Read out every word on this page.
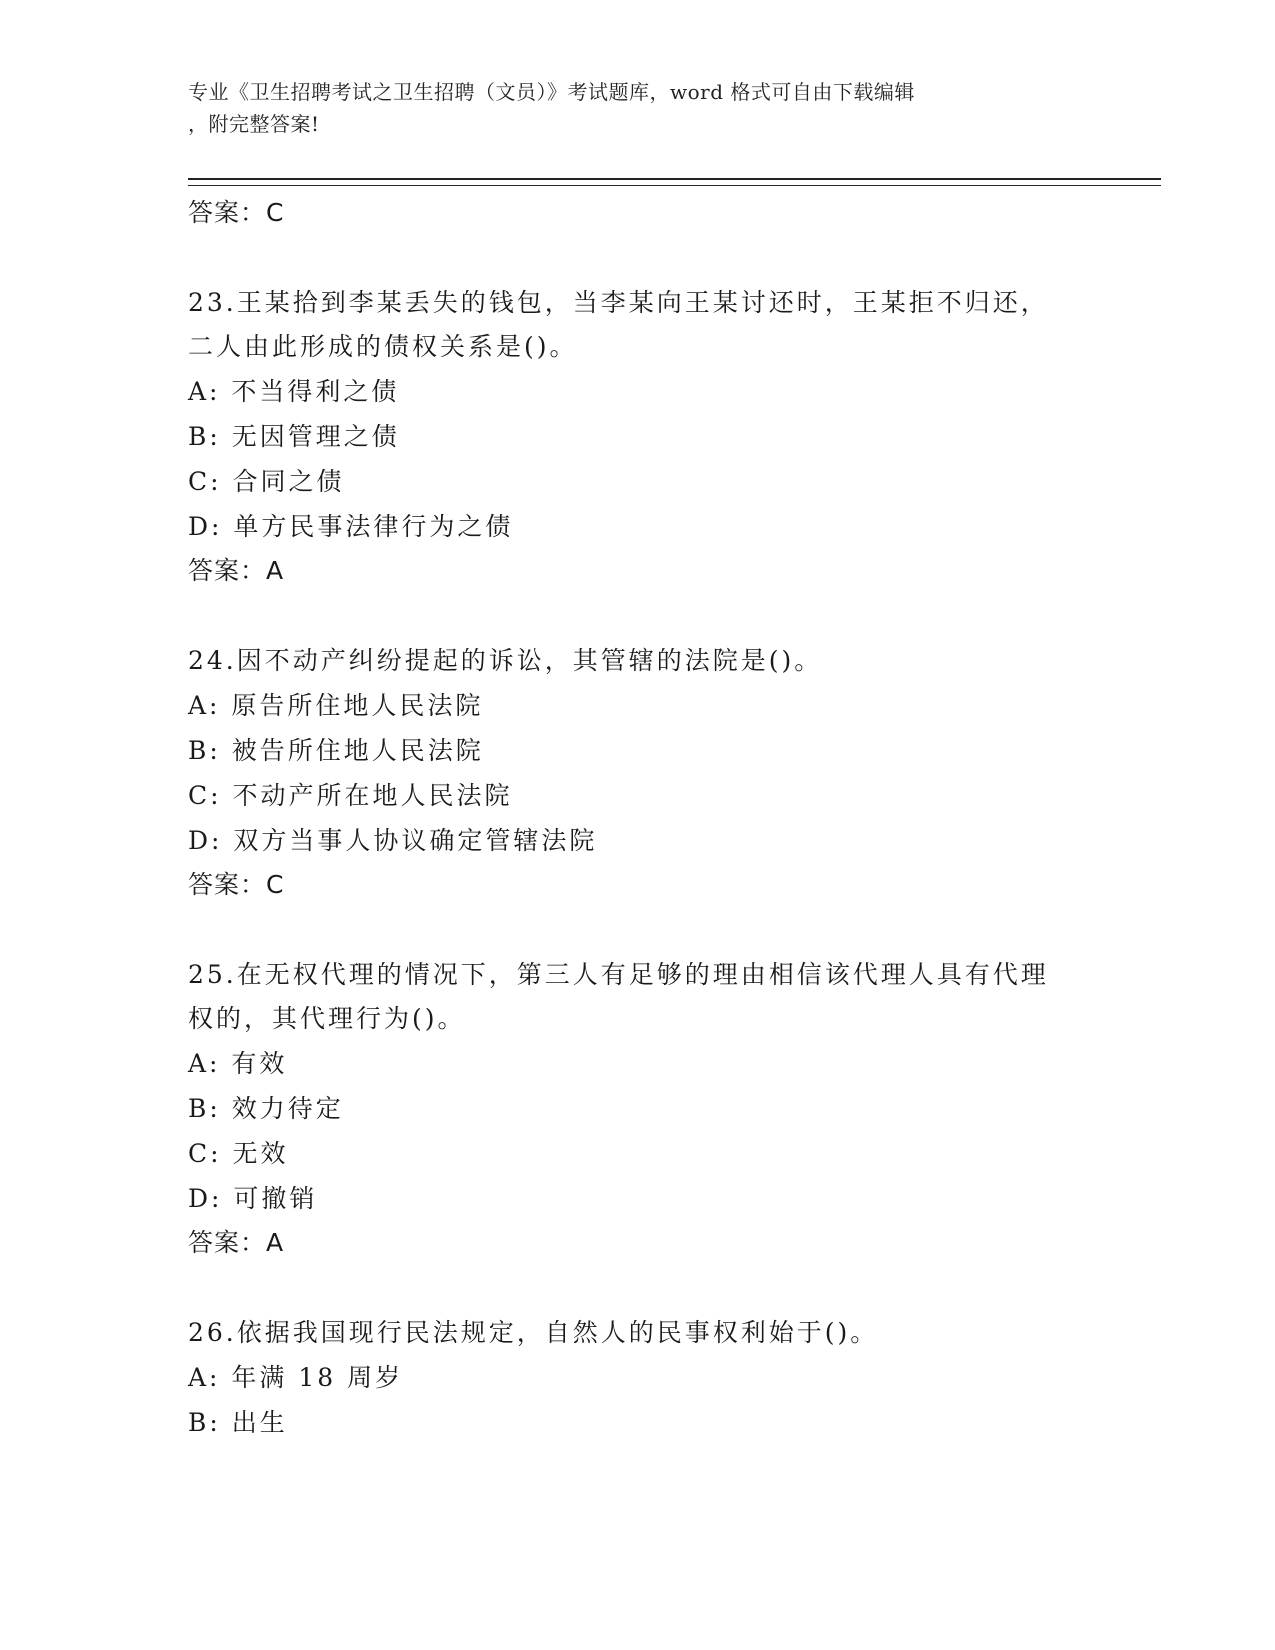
专业《卫生招聘考试之卫生招聘（文员）》考试题库，word 格式可自由下载编辑
，附完整答案!
答案：C
23.王某拾到李某丢失的钱包，当李某向王某讨还时，王某拒不归还，
二人由此形成的债权关系是()。
A: 不当得利之债
B: 无因管理之债
C: 合同之债
D: 单方民事法律行为之债
答案：A
24.因不动产纠纷提起的诉讼，其管辖的法院是()。
A: 原告所住地人民法院
B: 被告所住地人民法院
C: 不动产所在地人民法院
D: 双方当事人协议确定管辖法院
答案：C
25.在无权代理的情况下，第三人有足够的理由相信该代理人具有代理
权的，其代理行为()。
A: 有效
B: 效力待定
C: 无效
D: 可撤销
答案：A
26.依据我国现行民法规定，自然人的民事权利始于()。
A: 年满 18 周岁
B: 出生
